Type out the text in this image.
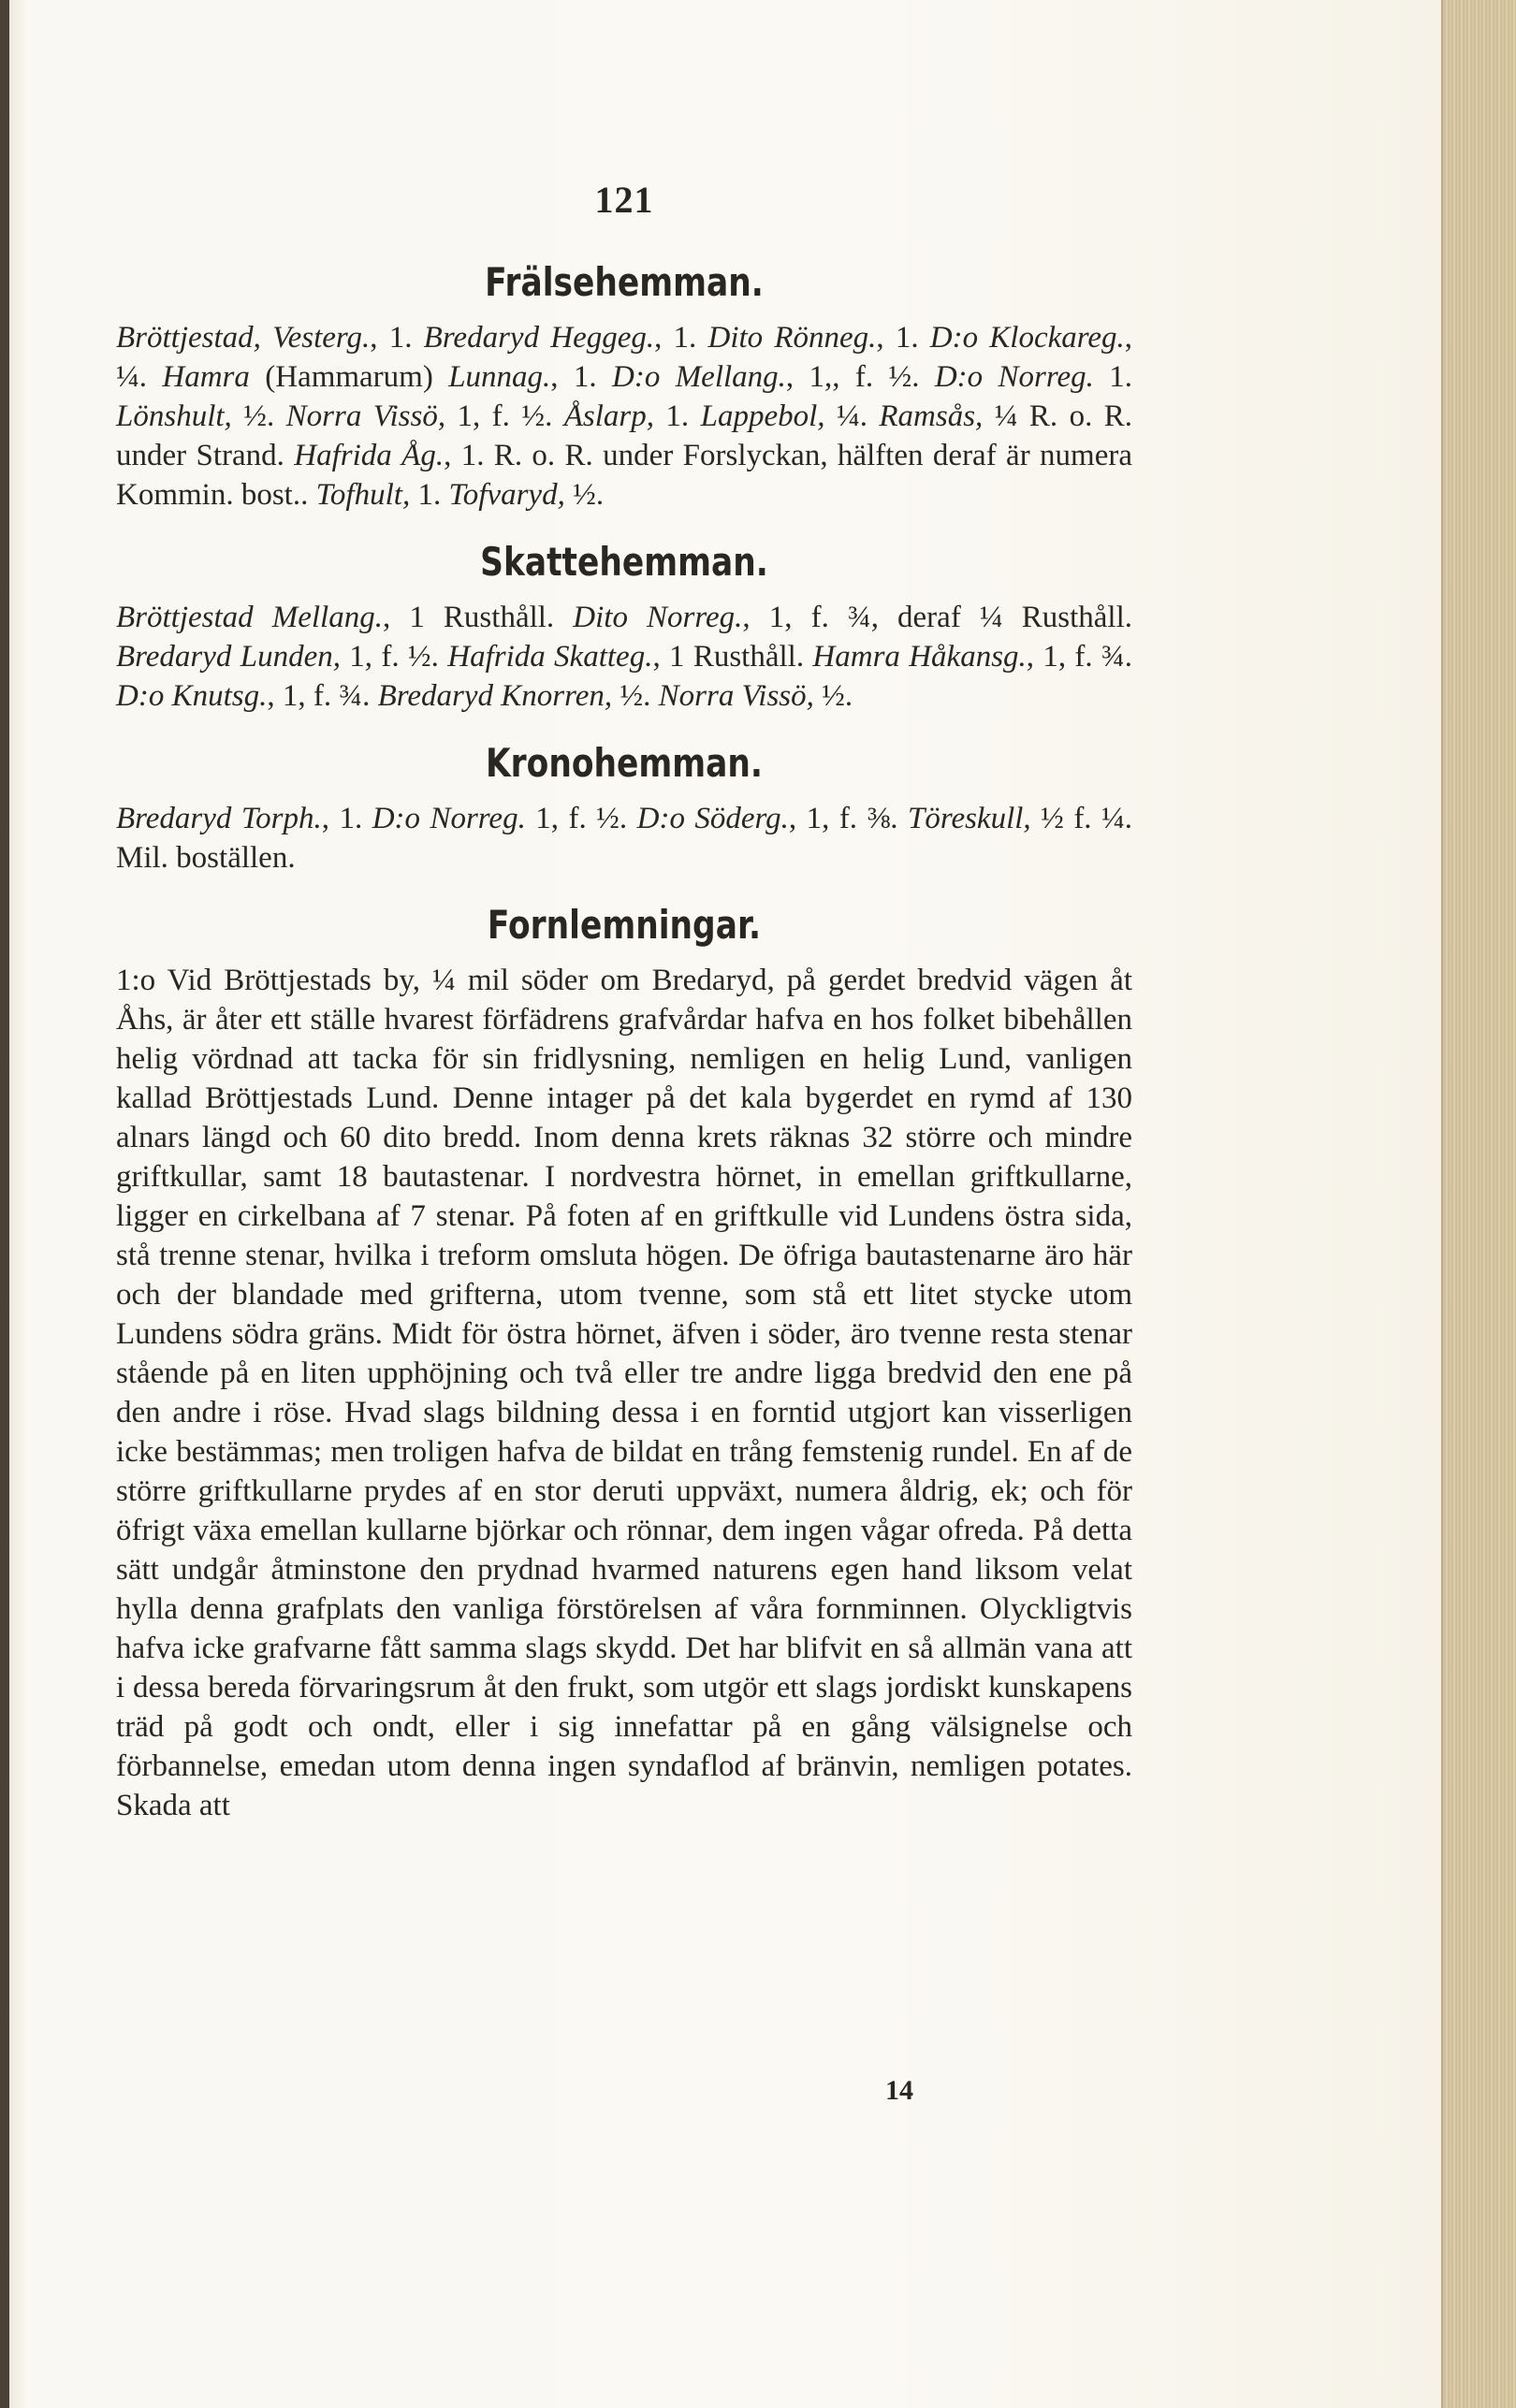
121
Frälsehemman.

Bröttjestad, Vesterg., 1. Bredaryd Heggeg., 1. Dito Rönneg., 1. D:o Klockareg., ¼. Hamra (Hammarum) Lunnag., 1. D:o Mellang., 1,, f. ½. D:o Norreg. 1. Lönshult, ½. Norra Vissö, 1, f. ½. Åslarp, 1. Lappebol, ¼. Ramsås, ¼ R. o. R. under Strand. Hafrida Åg., 1. R. o. R. under Forslyckan, hälften deraf är numera Kommin. bost.. Tofhult, 1. Tofvaryd, ½.

Skattehemman.

Bröttjestad Mellang., 1 Rusthåll. Dito Norreg., 1, f. ¾, deraf ¼ Rusthåll. Bredaryd Lunden, 1, f. ½. Hafrida Skatteg., 1 Rusthåll. Hamra Håkansg., 1, f. ¾. D:o Knutsg., 1, f. ¾. Bredaryd Knorren, ½. Norra Vissö, ½.

Kronohemman.

Bredaryd Torph., 1. D:o Norreg. 1, f. ½. D:o Söderg., 1, f. ⅜. Töreskull, ½ f. ¼. Mil. boställen.

Fornlemningar.

1:o Vid Bröttjestads by, ¼ mil söder om Bredaryd, på gerdet bredvid vägen åt Åhs, är åter ett ställe hvarest förfädrens grafvårdar hafva en hos folket bibehållen helig vördnad att tacka för sin fridlysning, nemligen en helig Lund, vanligen kallad Bröttjestads Lund. Denne intager på det kala bygerdet en rymd af 130 alnars längd och 60 dito bredd. Inom denna krets räknas 32 större och mindre griftkullar, samt 18 bautastenar. I nordvestra hörnet, in emellan griftkullarne, ligger en cirkelbana af 7 stenar. På foten af en griftkulle vid Lundens östra sida, stå trenne stenar, hvilka i treform omsluta högen. De öfriga bautastenarne äro här och der blandade med grifterna, utom tvenne, som stå ett litet stycke utom Lundens södra gräns. Midt för östra hörnet, äfven i söder, äro tvenne resta stenar stående på en liten upphöjning och två eller tre andre ligga bredvid den ene på den andre i röse. Hvad slags bildning dessa i en forntid utgjort kan visserligen icke bestämmas; men troligen hafva de bildat en trång femstenig rundel. En af de större griftkullarne prydes af en stor deruti uppväxt, numera åldrig, ek; och för öfrigt växa emellan kullarne björkar och rönnar, dem ingen vågar ofreda. På detta sätt undgår åtminstone den prydnad hvarmed naturens egen hand liksom velat hylla denna grafplats den vanliga förstörelsen af våra fornminnen. Olyckligtvis hafva icke grafvarne fått samma slags skydd. Det har blifvit en så allmän vana att i dessa bereda förvaringsrum åt den frukt, som utgör ett slags jordiskt kunskapens träd på godt och ondt, eller i sig innefattar på en gång välsignelse och förbannelse, emedan utom denna ingen syndaflod af bränvin, nemligen potates. Skada att

14
